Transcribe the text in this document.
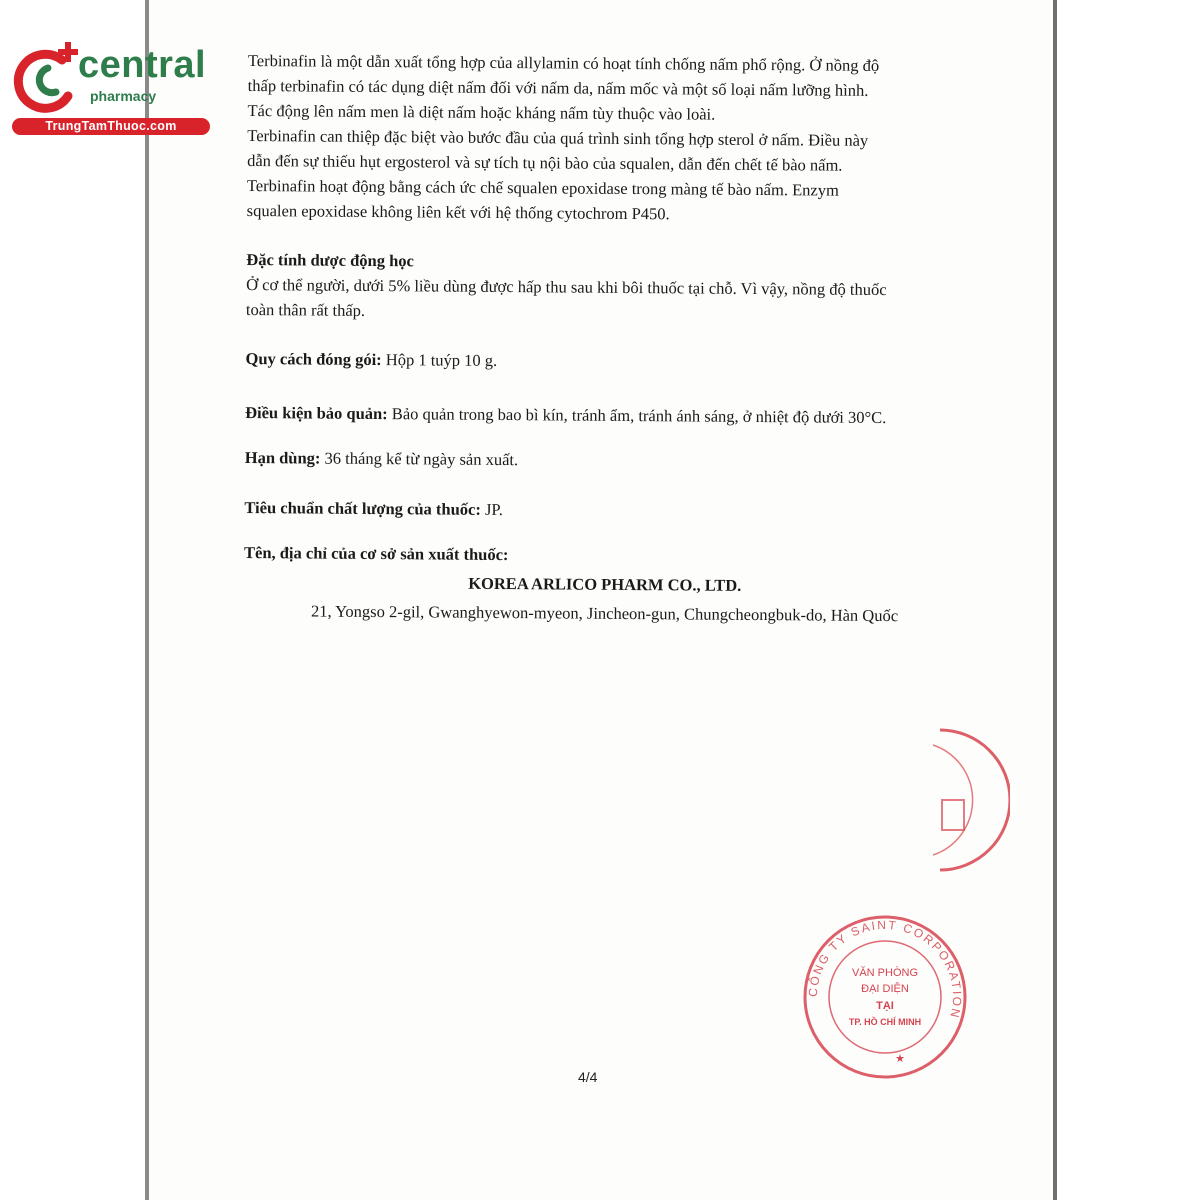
central
pharmacy
TrungTamThuoc.com

Terbinafin là một dẫn xuất tổng hợp của allylamin có hoạt tính chống nấm phổ rộng. Ở nồng độ

thấp terbinafin có tác dụng diệt nấm đối với nấm da, nấm mốc và một số loại nấm lưỡng hình.

Tác động lên nấm men là diệt nấm hoặc kháng nấm tùy thuộc vào loài.

Terbinafin can thiệp đặc biệt vào bước đầu của quá trình sinh tổng hợp sterol ở nấm. Điều này

dẫn đến sự thiếu hụt ergosterol và sự tích tụ nội bào của squalen, dẫn đến chết tế bào nấm.

Terbinafin hoạt động bằng cách ức chế squalen epoxidase trong màng tế bào nấm. Enzym

squalen epoxidase không liên kết với hệ thống cytochrom P450.

Đặc tính dược động học

Ở cơ thể người, dưới 5% liều dùng được hấp thu sau khi bôi thuốc tại chỗ. Vì vậy, nồng độ thuốc

toàn thân rất thấp.

Quy cách đóng gói: Hộp 1 tuýp 10 g.

Điều kiện bảo quản: Bảo quản trong bao bì kín, tránh ẩm, tránh ánh sáng, ở nhiệt độ dưới 30°C.

Hạn dùng: 36 tháng kể từ ngày sản xuất.

Tiêu chuẩn chất lượng của thuốc: JP.

Tên, địa chỉ của cơ sở sản xuất thuốc:

KOREA ARLICO PHARM CO., LTD.

21, Yongso 2-gil, Gwanghyewon-myeon, Jincheon-gun, Chungcheongbuk-do, Hàn Quốc

CÔNG TY SAINT CORPORATION
VĂN PHÒNG
ĐẠI DIỆN
TẠI
TP. HỒ CHÍ MINH
★
4/4
